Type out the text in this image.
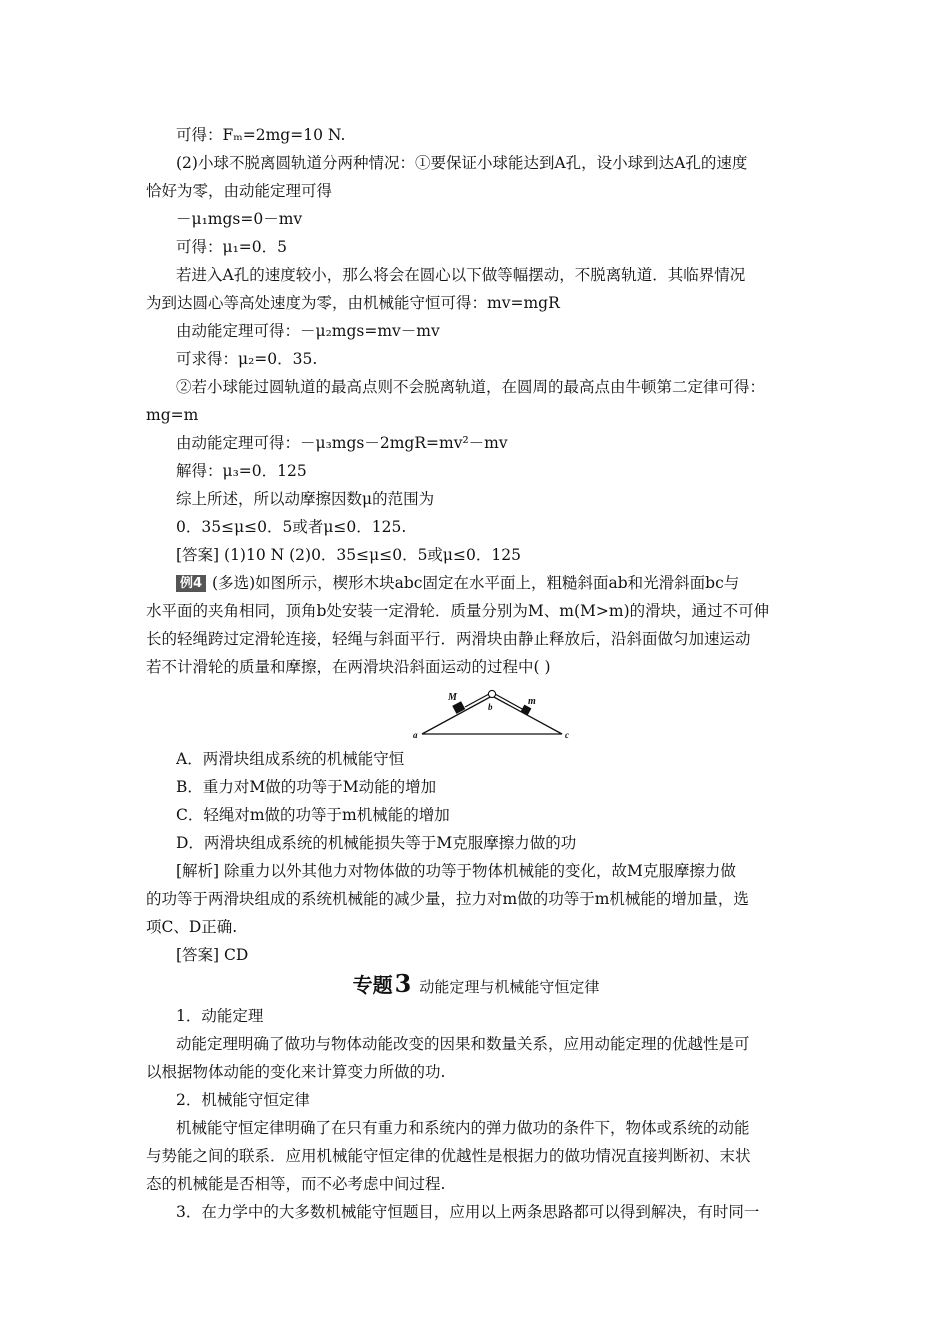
可得：Fₘ=2mg=10 N.
(2)小球不脱离圆轨道分两种情况：①要保证小球能达到A孔，设小球到达A孔的速度
恰好为零，由动能定理可得
－μ₁mgs=0－mv
可得：μ₁=0．5
若进入A孔的速度较小，那么将会在圆心以下做等幅摆动，不脱离轨道．其临界情况
为到达圆心等高处速度为零，由机械能守恒可得：mv=mgR
由动能定理可得：－μ₂mgs=mv－mv
可求得：μ₂=0．35.
②若小球能过圆轨道的最高点则不会脱离轨道，在圆周的最高点由牛顿第二定律可得：
mg=m
由动能定理可得：－μ₃mgs－2mgR=mv²－mv
解得：μ₃=0．125
综上所述，所以动摩擦因数μ的范围为
0．35≤μ≤0．5或者μ≤0．125.
[答案] (1)10 N (2)0．35≤μ≤0．5或μ≤0．125
例4 (多选)如图所示，楔形木块abc固定在水平面上，粗糙斜面ab和光滑斜面bc与
水平面的夹角相同，顶角b处安装一定滑轮．质量分别为M、m(M>m)的滑块，通过不可伸
长的轻绳跨过定滑轮连接，轻绳与斜面平行．两滑块由静止释放后，沿斜面做匀加速运动
若不计滑轮的质量和摩擦，在两滑块沿斜面运动的过程中( )
M	m
b
a	c
A．两滑块组成系统的机械能守恒
B．重力对M做的功等于M动能的增加
C．轻绳对m做的功等于m机械能的增加
D．两滑块组成系统的机械能损失等于M克服摩擦力做的功
[解析] 除重力以外其他力对物体做的功等于物体机械能的变化，故M克服摩擦力做
的功等于两滑块组成的系统机械能的减少量，拉力对m做的功等于m机械能的增加量，选
项C、D正确.
[答案] CD
专题3 动能定理与机械能守恒定律
1．动能定理
动能定理明确了做功与物体动能改变的因果和数量关系，应用动能定理的优越性是可
以根据物体动能的变化来计算变力所做的功.
2．机械能守恒定律
机械能守恒定律明确了在只有重力和系统内的弹力做功的条件下，物体或系统的动能
与势能之间的联系．应用机械能守恒定律的优越性是根据力的做功情况直接判断初、末状
态的机械能是否相等，而不必考虑中间过程.
3．在力学中的大多数机械能守恒题目，应用以上两条思路都可以得到解决，有时同一
